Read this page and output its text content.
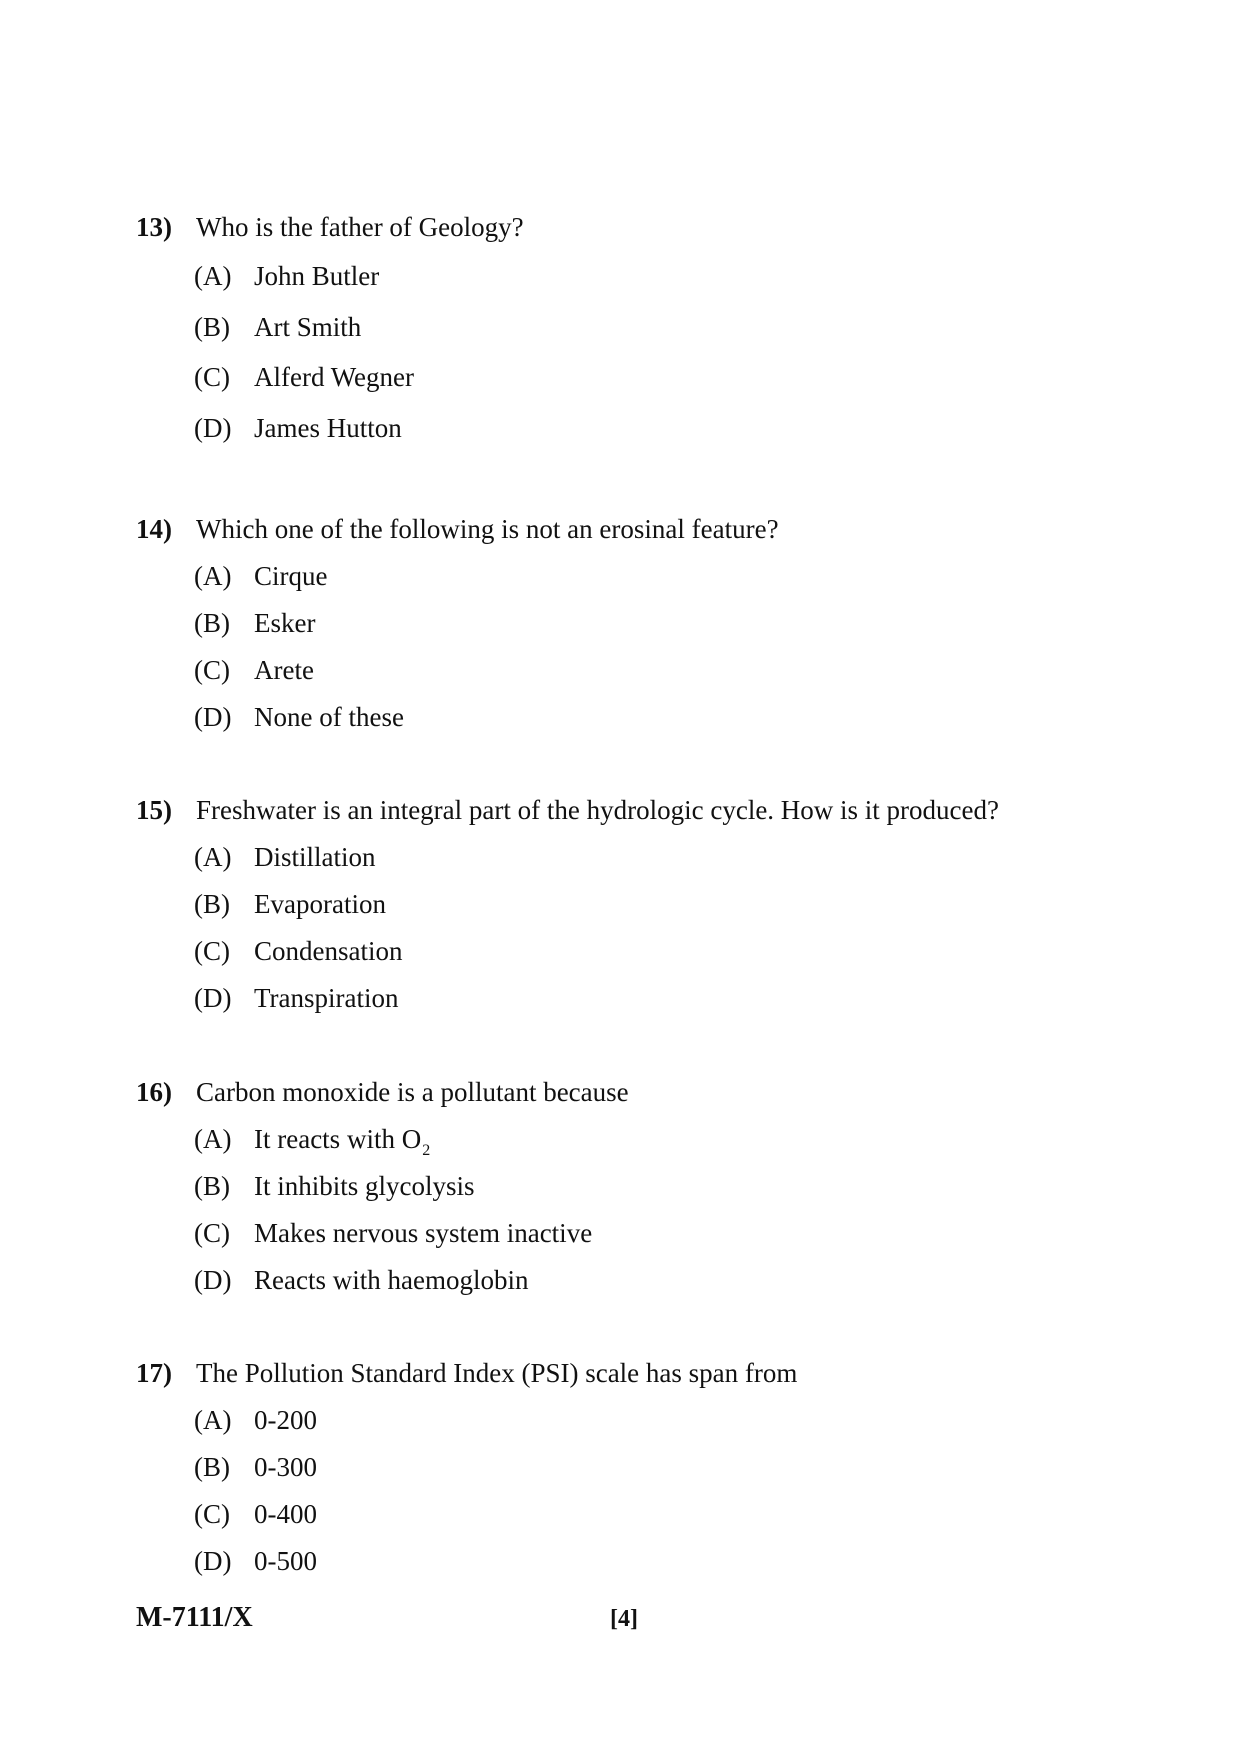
13) Who is the father of Geology?
(A) John Butler
(B) Art Smith
(C) Alferd Wegner
(D) James Hutton
14) Which one of the following is not an erosinal feature?
(A) Cirque
(B) Esker
(C) Arete
(D) None of these
15) Freshwater is an integral part of the hydrologic cycle. How is it produced?
(A) Distillation
(B) Evaporation
(C) Condensation
(D) Transpiration
16) Carbon monoxide is a pollutant because
(A) It reacts with $O_2$
(B) It inhibits glycolysis
(C) Makes nervous system inactive
(D) Reacts with haemoglobin
17) The Pollution Standard Index (PSI) scale has span from
(A) 0-200
(B) 0-300
(C) 0-400
(D) 0-500
M-7111/X	[4]
